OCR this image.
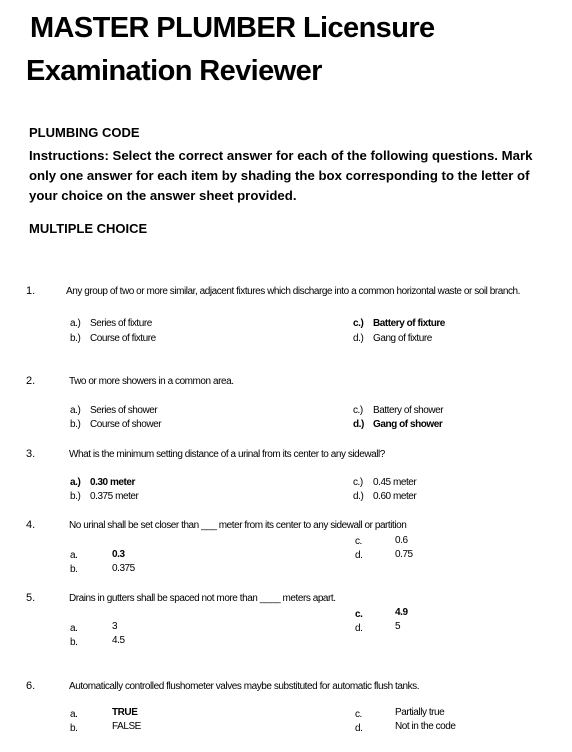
MASTER PLUMBER Licensure
Examination Reviewer
PLUMBING CODE
Instructions: Select the correct answer for each of the following questions. Mark only one answer for each item by shading the box corresponding to the letter of your choice on the answer sheet provided.
MULTIPLE CHOICE
1.	Any group of two or more similar, adjacent fixtures which discharge into a common horizontal waste or soil branch.
a.) Series of fixture
b.) Course of fixture
c.) Battery of fixture
d.) Gang of fixture
2.	Two or more showers in a common area.
a.) Series of shower
b.) Course of shower
c.) Battery of shower
d.) Gang of shower
3.	What is the minimum setting distance of a urinal from its center to any sidewall?
a.) 0.30 meter
b.) 0.375 meter
c.) 0.45 meter
d.) 0.60 meter
4.	No urinal shall be set closer than ___ meter from its center to any sidewall or partition
a.	0.3
b.	0.375
c.	0.6
d.	0.75
5.	Drains in gutters shall be spaced not more than ____ meters apart.
a.	3
b.	4.5
c.	4.9
d.	5
6.	Automatically controlled flushometer valves maybe substituted for automatic flush tanks.
a.	TRUE
b.	FALSE
c.	Partially true
d.	Not in the code
